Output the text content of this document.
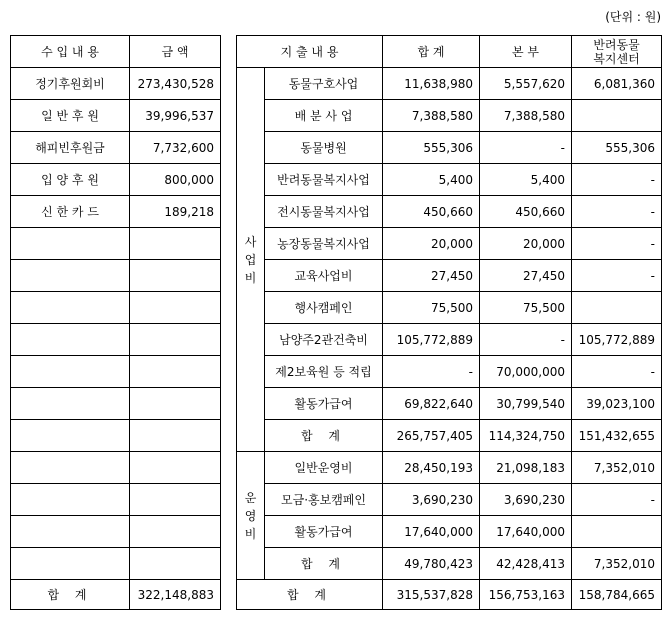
(단위 : 원)
수 입 내 용	금 액
정기후원회비	273,430,528
일 반 후 원	39,996,537
해피빈후원금	7,732,600
입 양 후 원	800,000
신 한 카 드	189,218

합 계	322,148,883
지 출 내 용		합 계	본 부	반려동물
복지센터
사
업
비	동물구호사업	11,638,980	5,557,620	6,081,360
	배 분 사 업	7,388,580	7,388,580	
	동물병원	555,306	-	555,306
	반려동물복지사업	5,400	5,400	-
	전시동물복지사업	450,660	450,660	-
	농장동물복지사업	20,000	20,000	-
	교육사업비	27,450	27,450	-
	행사캠페인	75,500	75,500	
	남양주2관건축비	105,772,889	-	105,772,889
	제2보육원 등 적립	-	70,000,000	-
	활동가급여	69,822,640	30,799,540	39,023,100
	합 계	265,757,405	114,324,750	151,432,655
운
영
비	일반운영비	28,450,193	21,098,183	7,352,010
	모금·홍보캠페인	3,690,230	3,690,230	-
	활동가급여	17,640,000	17,640,000	
	합 계	49,780,423	42,428,413	7,352,010
합 계		315,537,828	156,753,163	158,784,665
